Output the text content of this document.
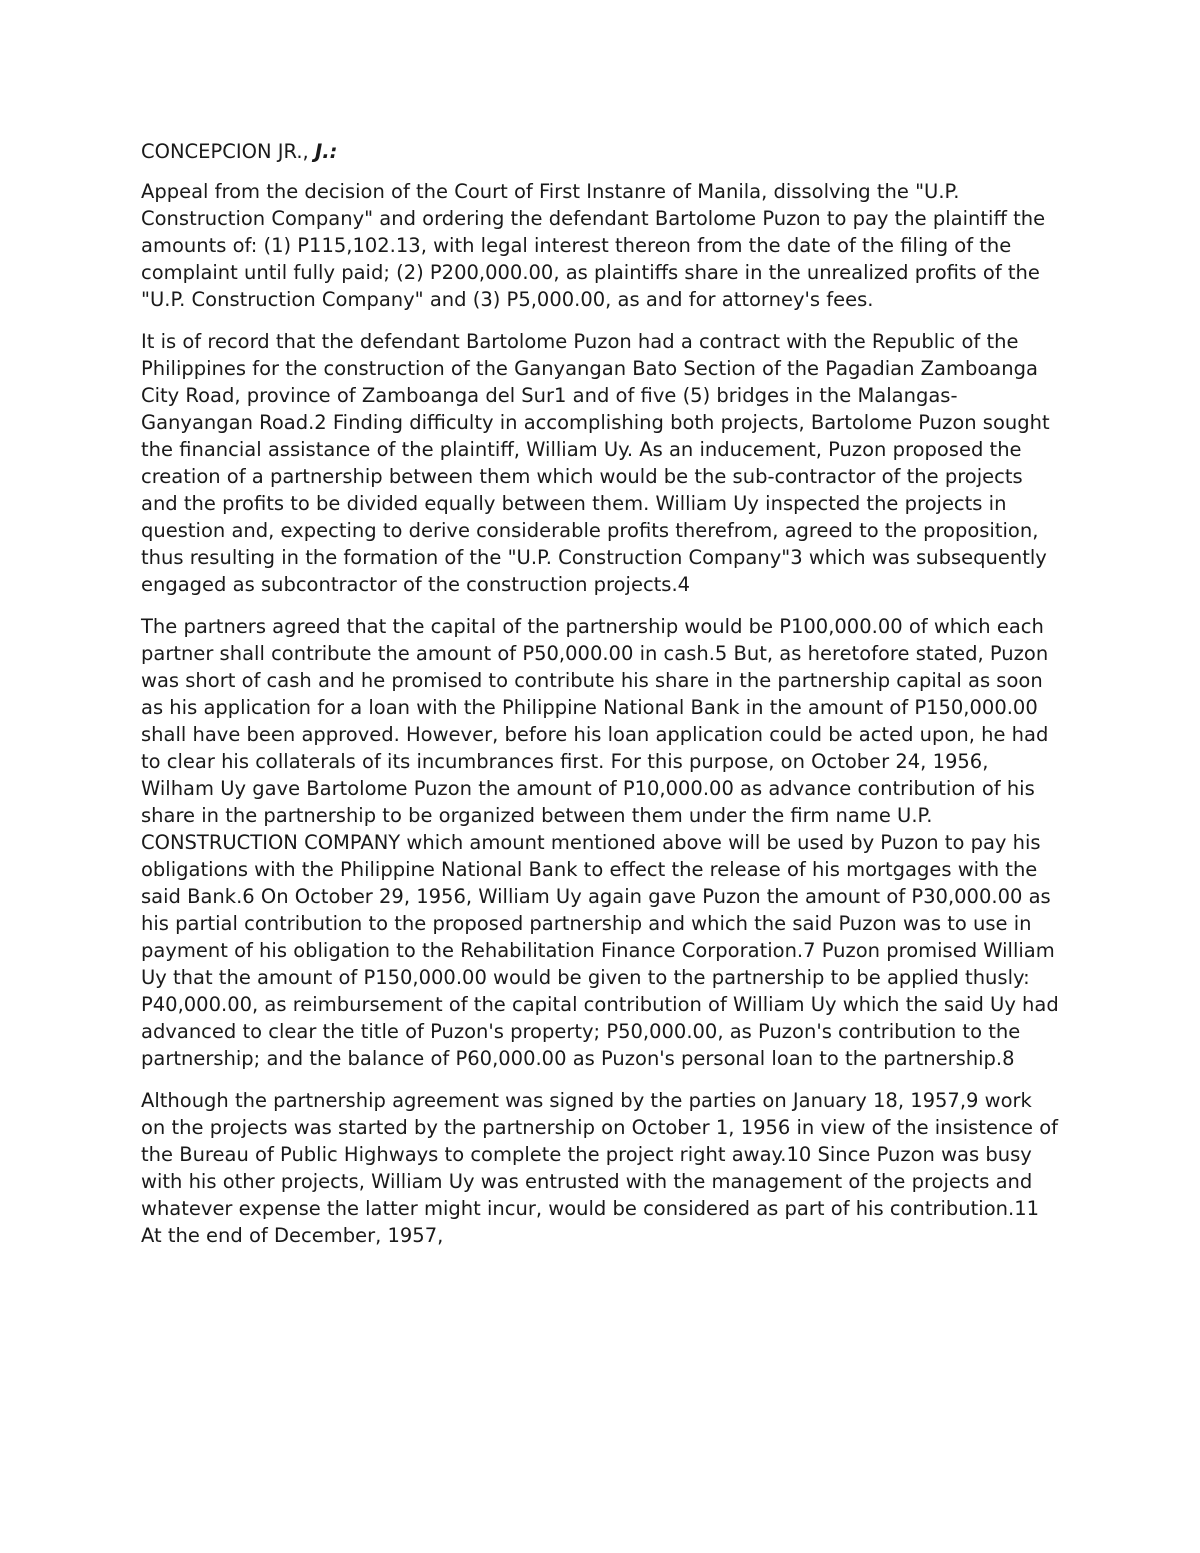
CONCEPCION JR., J.:

Appeal from the decision of the Court of First Instanre of Manila, dissolving the "U.P. Construction Company" and ordering the defendant Bartolome Puzon to pay the plaintiff the amounts of: (1) P115,102.13, with legal interest thereon from the date of the filing of the complaint until fully paid; (2) P200,000.00, as plaintiffs share in the unrealized profits of the "U.P. Construction Company" and (3) P5,000.00, as and for attorney's fees.

It is of record that the defendant Bartolome Puzon had a contract with the Republic of the Philippines for the construction of the Ganyangan Bato Section of the Pagadian Zamboanga City Road, province of Zamboanga del Sur1 and of five (5) bridges in the Malangas-Ganyangan Road.2 Finding difficulty in accomplishing both projects, Bartolome Puzon sought the financial assistance of the plaintiff, William Uy. As an inducement, Puzon proposed the creation of a partnership between them which would be the sub-contractor of the projects and the profits to be divided equally between them. William Uy inspected the projects in question and, expecting to derive considerable profits therefrom, agreed to the proposition, thus resulting in the formation of the "U.P. Construction Company"3 which was subsequently engaged as subcontractor of the construction projects.4

The partners agreed that the capital of the partnership would be P100,000.00 of which each partner shall contribute the amount of P50,000.00 in cash.5 But, as heretofore stated, Puzon was short of cash and he promised to contribute his share in the partnership capital as soon as his application for a loan with the Philippine National Bank in the amount of P150,000.00 shall have been approved. However, before his loan application could be acted upon, he had to clear his collaterals of its incumbrances first. For this purpose, on October 24, 1956, Wilham Uy gave Bartolome Puzon the amount of P10,000.00 as advance contribution of his share in the partnership to be organized between them under the firm name U.P. CONSTRUCTION COMPANY which amount mentioned above will be used by Puzon to pay his obligations with the Philippine National Bank to effect the release of his mortgages with the said Bank.6 On October 29, 1956, William Uy again gave Puzon the amount of P30,000.00 as his partial contribution to the proposed partnership and which the said Puzon was to use in payment of his obligation to the Rehabilitation Finance Corporation.7 Puzon promised William Uy that the amount of P150,000.00 would be given to the partnership to be applied thusly: P40,000.00, as reimbursement of the capital contribution of William Uy which the said Uy had advanced to clear the title of Puzon's property; P50,000.00, as Puzon's contribution to the partnership; and the balance of P60,000.00 as Puzon's personal loan to the partnership.8

Although the partnership agreement was signed by the parties on January 18, 1957,9 work on the projects was started by the partnership on October 1, 1956 in view of the insistence of the Bureau of Public Highways to complete the project right away.10 Since Puzon was busy with his other projects, William Uy was entrusted with the management of the projects and whatever expense the latter might incur, would be considered as part of his contribution.11 At the end of December, 1957,
